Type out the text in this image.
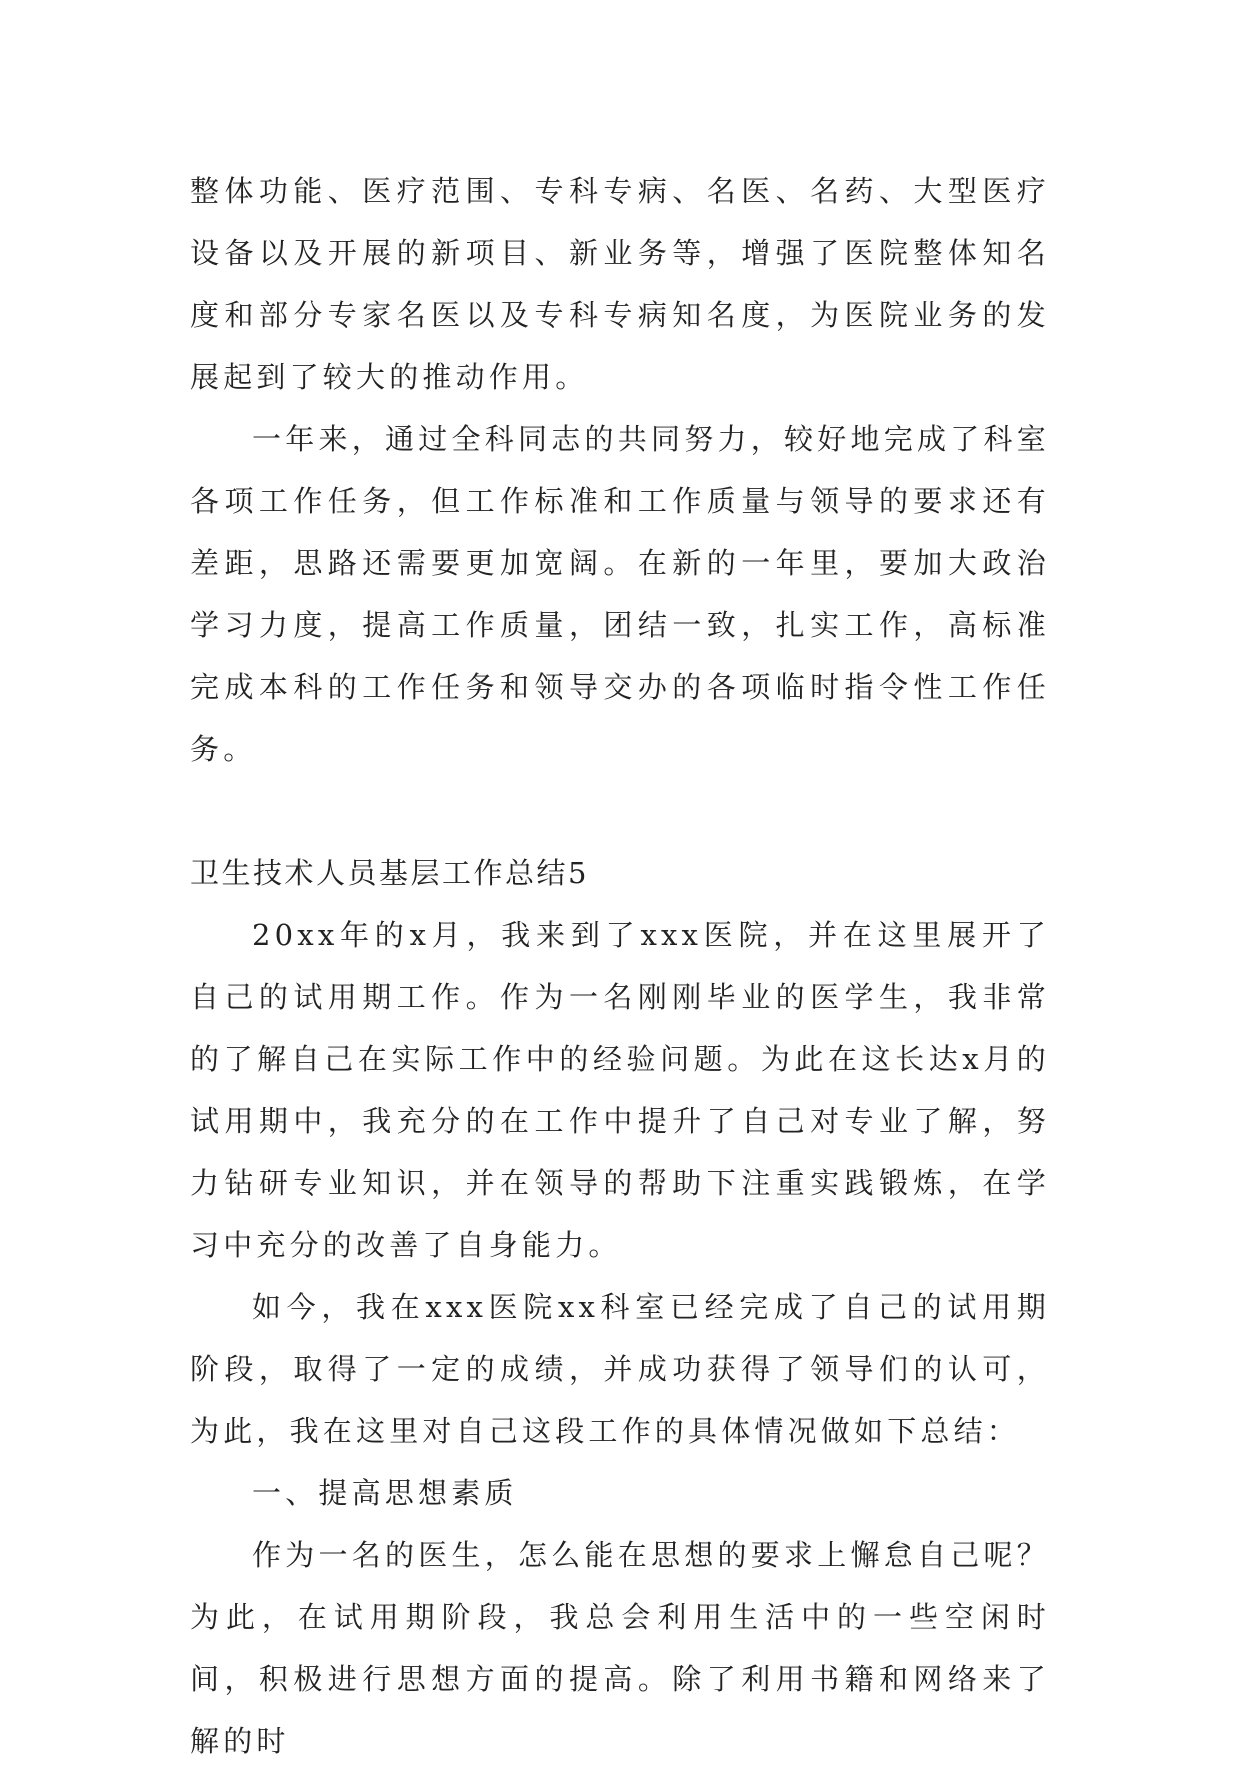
整体功能、医疗范围、专科专病、名医、名药、大型医疗设备以及开展的新项目、新业务等，增强了医院整体知名度和部分专家名医以及专科专病知名度，为医院业务的发展起到了较大的推动作用。

一年来，通过全科同志的共同努力，较好地完成了科室各项工作任务，但工作标准和工作质量与领导的要求还有差距，思路还需要更加宽阔。在新的一年里，要加大政治学习力度，提高工作质量，团结一致，扎实工作，高标准完成本科的工作任务和领导交办的各项临时指令性工作任务。

卫生技术人员基层工作总结5

20xx年的x月，我来到了xxx医院，并在这里展开了自己的试用期工作。作为一名刚刚毕业的医学生，我非常的了解自己在实际工作中的经验问题。为此在这长达x月的试用期中，我充分的在工作中提升了自己对专业了解，努力钻研专业知识，并在领导的帮助下注重实践锻炼，在学习中充分的改善了自身能力。

如今，我在xxx医院xx科室已经完成了自己的试用期阶段，取得了一定的成绩，并成功获得了领导们的认可，为此，我在这里对自己这段工作的具体情况做如下总结：

一、提高思想素质

作为一名的医生，怎么能在思想的要求上懈怠自己呢？为此，在试用期阶段，我总会利用生活中的一些空闲时间，积极进行思想方面的提高。除了利用书籍和网络来了解的时
